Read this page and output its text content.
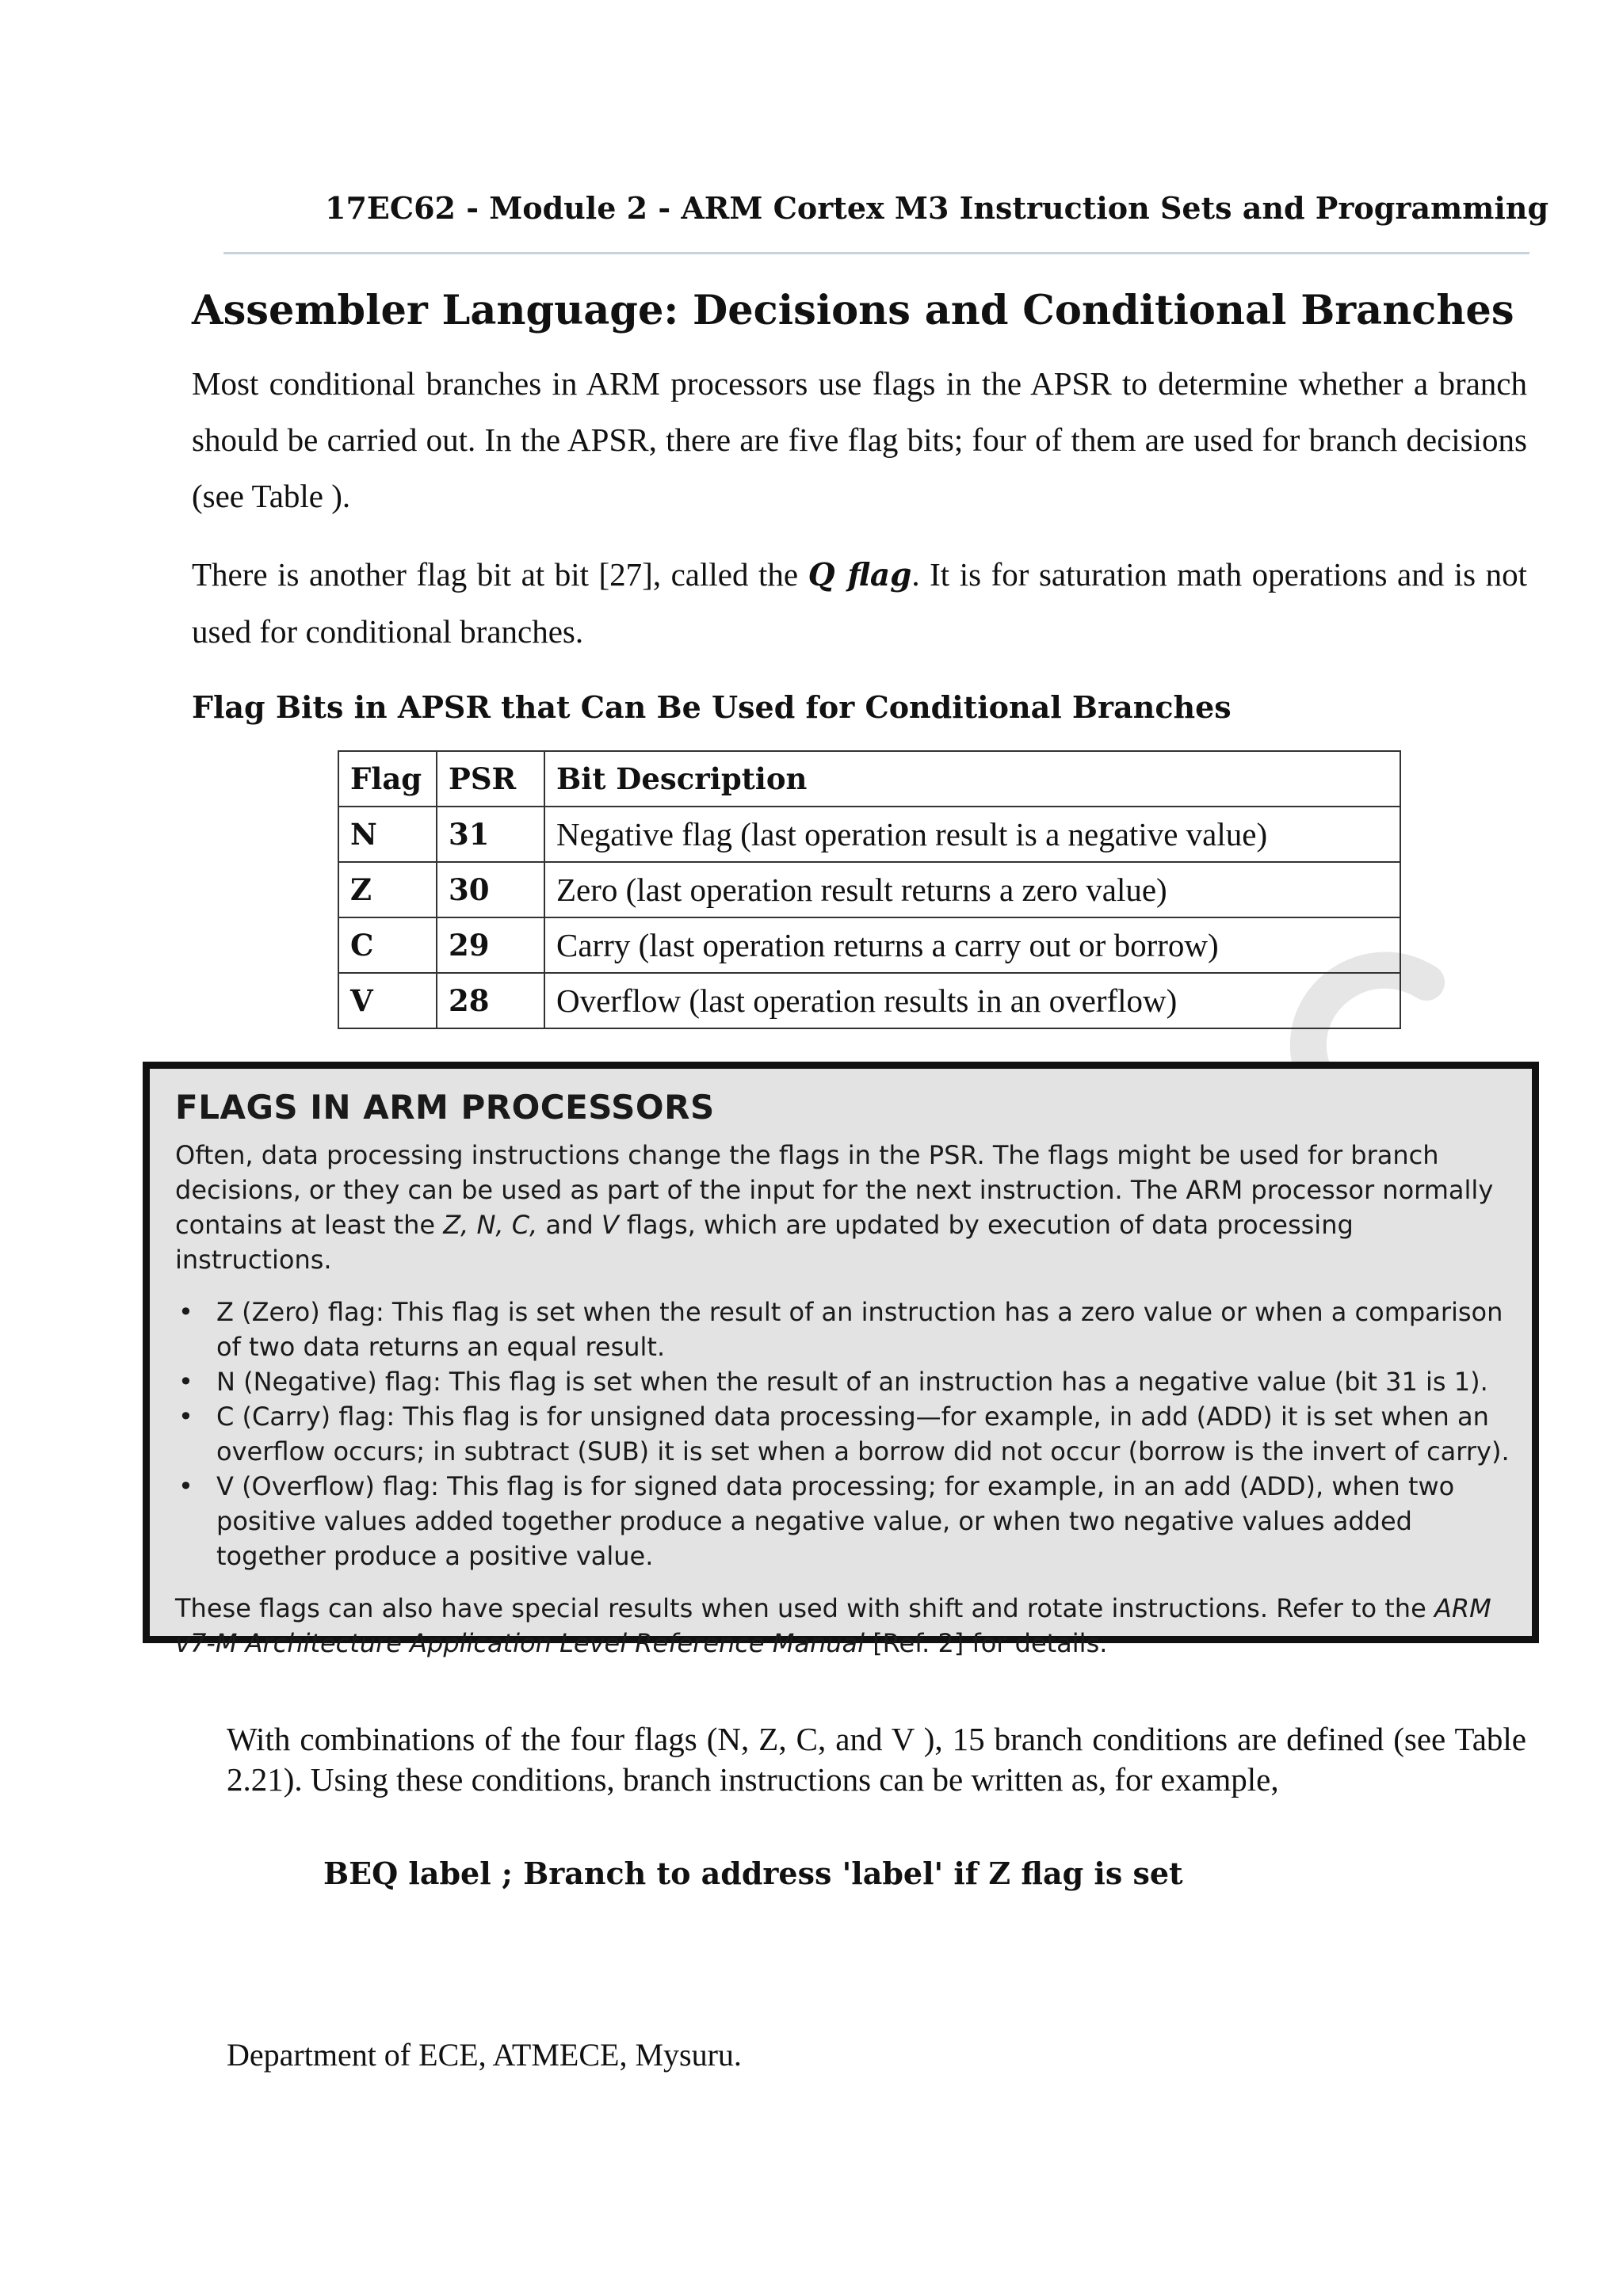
17EC62 - Module 2 - ARM Cortex M3 Instruction Sets and Programming
Assembler Language: Decisions and Conditional Branches
Most conditional branches in ARM processors use flags in the APSR to determine whether a branch should be carried out. In the APSR, there are five flag bits; four of them are used for branch decisions (see Table ).
There is another flag bit at bit [27], called the Q flag. It is for saturation math operations and is not used for conditional branches.
Flag Bits in APSR that Can Be Used for Conditional Branches
Flag	PSR	Bit Description
N	31	Negative flag (last operation result is a negative value)
Z	30	Zero (last operation result returns a zero value)
C	29	Carry (last operation returns a carry out or borrow)
V	28	Overflow (last operation results in an overflow)
FLAGS IN ARM PROCESSORS
Often, data processing instructions change the flags in the PSR. The flags might be used for branch decisions, or they can be used as part of the input for the next instruction. The ARM processor normally contains at least the Z, N, C, and V flags, which are updated by execution of data processing instructions.
• Z (Zero) flag: This flag is set when the result of an instruction has a zero value or when a comparison of two data returns an equal result.
• N (Negative) flag: This flag is set when the result of an instruction has a negative value (bit 31 is 1).
• C (Carry) flag: This flag is for unsigned data processing—for example, in add (ADD) it is set when an overflow occurs; in subtract (SUB) it is set when a borrow did not occur (borrow is the invert of carry).
• V (Overflow) flag: This flag is for signed data processing; for example, in an add (ADD), when two positive values added together produce a negative value, or when two negative values added together produce a positive value.
These flags can also have special results when used with shift and rotate instructions. Refer to the ARM v7-M Architecture Application Level Reference Manual [Ref. 2] for details.
With combinations of the four flags (N, Z, C, and V ), 15 branch conditions are defined (see Table 2.21). Using these conditions, branch instructions can be written as, for example,
BEQ label ; Branch to address 'label' if Z flag is set
Department of ECE, ATMECE, Mysuru.
